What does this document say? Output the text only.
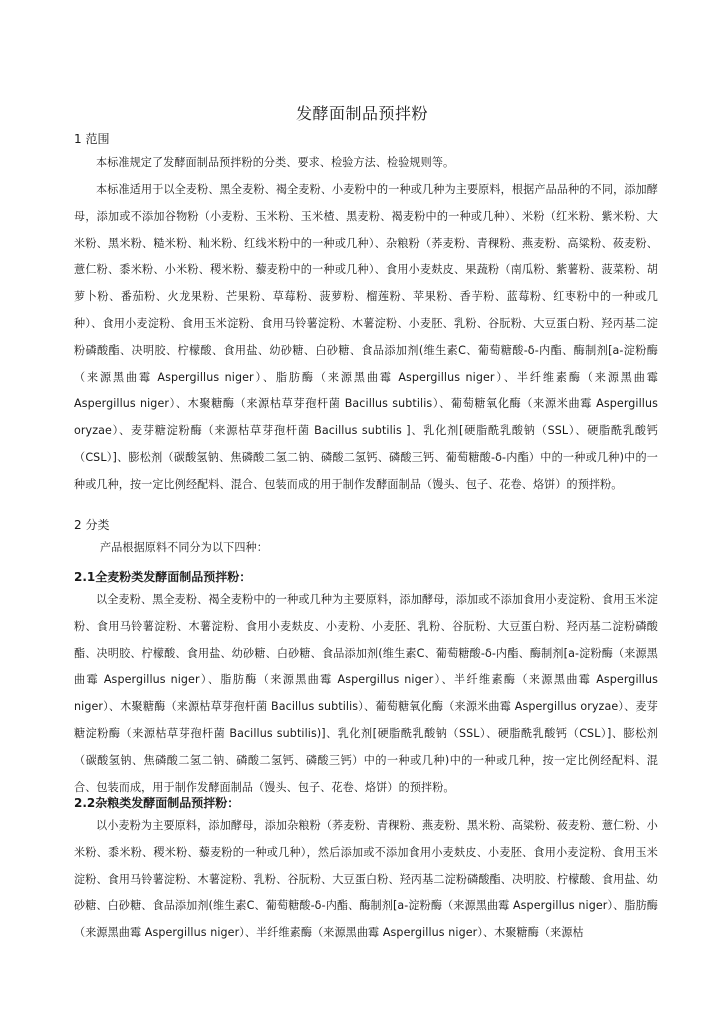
发酵面制品预拌粉
1 范围

本标准规定了发酵面制品预拌粉的分类、要求、检验方法、检验规则等。

本标准适用于以全麦粉、黑全麦粉、褐全麦粉、小麦粉中的一种或几种为主要原料，根据产品品种的不同，添加酵母，添加或不添加谷物粉（小麦粉、玉米粉、玉米楂、黑麦粉、褐麦粉中的一种或几种）、米粉（红米粉、紫米粉、大米粉、黑米粉、糙米粉、籼米粉、红线米粉中的一种或几种）、杂粮粉（荞麦粉、青稞粉、燕麦粉、高粱粉、莜麦粉、薏仁粉、黍米粉、小米粉、稷米粉、藜麦粉中的一种或几种）、食用小麦麸皮、果蔬粉（南瓜粉、紫薯粉、菠菜粉、胡萝卜粉、番茄粉、火龙果粉、芒果粉、草莓粉、菠萝粉、榴莲粉、苹果粉、香芋粉、蓝莓粉、红枣粉中的一种或几种）、食用小麦淀粉、食用玉米淀粉、食用马铃薯淀粉、木薯淀粉、小麦胚、乳粉、谷朊粉、大豆蛋白粉、羟丙基二淀粉磷酸酯、决明胶、柠檬酸、食用盐、幼砂糖、白砂糖、食品添加剂(维生素C、葡萄糖酸-δ-内酯、酶制剂[a-淀粉酶（来源黑曲霉 Aspergillus niger）、脂肪酶（来源黑曲霉 Aspergillus niger）、半纤维素酶（来源黑曲霉 Aspergillus niger）、木聚糖酶（来源枯草芽孢杆菌 Bacillus subtilis）、葡萄糖氧化酶（来源米曲霉 Aspergillus oryzae）、麦芽糖淀粉酶（来源枯草芽孢杆菌 Bacillus subtilis ]、乳化剂[硬脂酰乳酸钠（SSL）、硬脂酰乳酸钙（CSL）]、膨松剂（碳酸氢钠、焦磷酸二氢二钠、磷酸二氢钙、磷酸三钙、葡萄糖酸-δ-内酯）中的一种或几种)中的一种或几种，按一定比例经配料、混合、包装而成的用于制作发酵面制品（馒头、包子、花卷、烙饼）的预拌粉。

2 分类

产品根据原料不同分为以下四种：

2.1全麦粉类发酵面制品预拌粉：

以全麦粉、黑全麦粉、褐全麦粉中的一种或几种为主要原料，添加酵母，添加或不添加食用小麦淀粉、食用玉米淀粉、食用马铃薯淀粉、木薯淀粉、食用小麦麸皮、小麦粉、小麦胚、乳粉、谷朊粉、大豆蛋白粉、羟丙基二淀粉磷酸酯、决明胶、柠檬酸、食用盐、幼砂糖、白砂糖、食品添加剂(维生素C、葡萄糖酸-δ-内酯、酶制剂[a-淀粉酶（来源黑曲霉 Aspergillus niger）、脂肪酶（来源黑曲霉 Aspergillus niger）、半纤维素酶（来源黑曲霉 Aspergillus niger）、木聚糖酶（来源枯草芽孢杆菌 Bacillus subtilis）、葡萄糖氧化酶（来源米曲霉 Aspergillus oryzae）、麦芽糖淀粉酶（来源枯草芽孢杆菌 Bacillus subtilis)]、乳化剂[硬脂酰乳酸钠（SSL）、硬脂酰乳酸钙（CSL）]、膨松剂（碳酸氢钠、焦磷酸二氢二钠、磷酸二氢钙、磷酸三钙）中的一种或几种)中的一种或几种，按一定比例经配料、混合、包装而成，用于制作发酵面制品（馒头、包子、花卷、烙饼）的预拌粉。

2.2杂粮类发酵面制品预拌粉：

以小麦粉为主要原料，添加酵母，添加杂粮粉（荞麦粉、青稞粉、燕麦粉、黑米粉、高粱粉、莜麦粉、薏仁粉、小米粉、黍米粉、稷米粉、藜麦粉的一种或几种），然后添加或不添加食用小麦麸皮、小麦胚、食用小麦淀粉、食用玉米淀粉、食用马铃薯淀粉、木薯淀粉、乳粉、谷朊粉、大豆蛋白粉、羟丙基二淀粉磷酸酯、决明胶、柠檬酸、食用盐、幼砂糖、白砂糖、食品添加剂(维生素C、葡萄糖酸-δ-内酯、酶制剂[a-淀粉酶（来源黑曲霉 Aspergillus niger）、脂肪酶（来源黑曲霉 Aspergillus niger）、半纤维素酶（来源黑曲霉 Aspergillus niger）、木聚糖酶（来源枯
